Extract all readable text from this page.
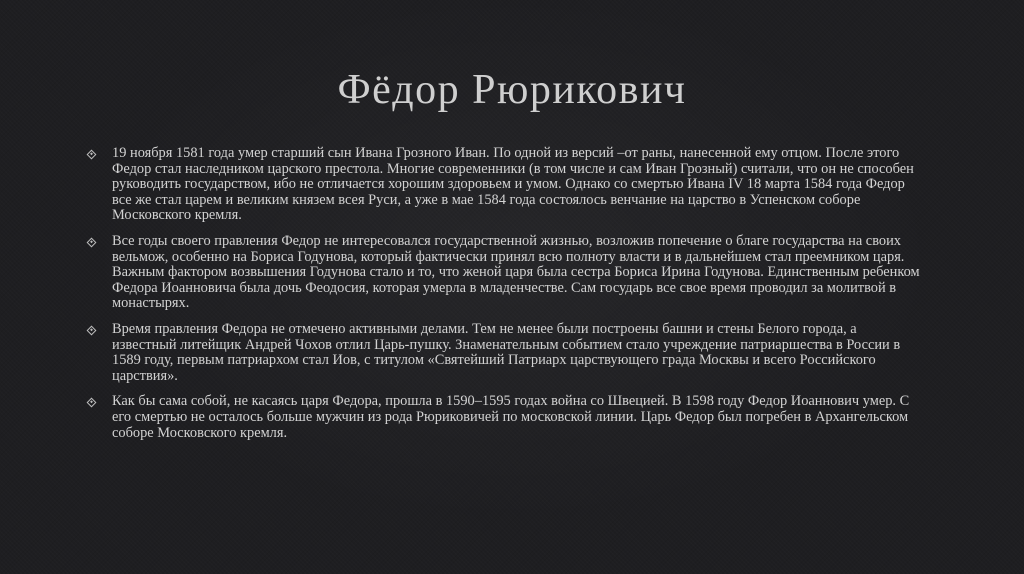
Фёдор Рюрикович
19 ноября 1581 года умер старший сын Ивана Грозного Иван. По одной из версий –от раны, нанесенной ему отцом. После этого Федор стал наследником царского престола. Многие современники (в том числе и сам Иван Грозный) считали, что он не способен руководить государством, ибо не отличается хорошим здоровьем и умом. Однако со смертью Ивана IV 18 марта 1584 года Федор все же стал царем и великим князем всея Руси, а уже в мае 1584 года состоялось венчание на царство в Успенском соборе Московского кремля.
Все годы своего правления Федор не интересовался государственной жизнью, возложив попечение о благе государства на своих вельмож, особенно на Бориса Годунова, который фактически принял всю полноту власти и в дальнейшем стал преемником царя. Важным фактором возвышения Годунова стало и то, что женой царя была сестра Бориса Ирина Годунова. Единственным ребенком Федора Иоанновича была дочь Феодосия, которая умерла в младенчестве. Сам государь все свое время проводил за молитвой в монастырях.
Время правления Федора не отмечено активными делами. Тем не менее были построены башни и стены Белого города, а известный литейщик Андрей Чохов отлил Царь-пушку. Знаменательным событием стало учреждение патриаршества в России в 1589 году, первым патриархом стал Иов, с титулом «Святейший Патриарх царствующего града Москвы и всего Российского царствия».
Как бы сама собой, не касаясь царя Федора, прошла в 1590–1595 годах война со Швецией. В 1598 году Федор Иоаннович умер. С его смертью не осталось больше мужчин из рода Рюриковичей по московской линии. Царь Федор был погребен в Архангельском соборе Московского кремля.
